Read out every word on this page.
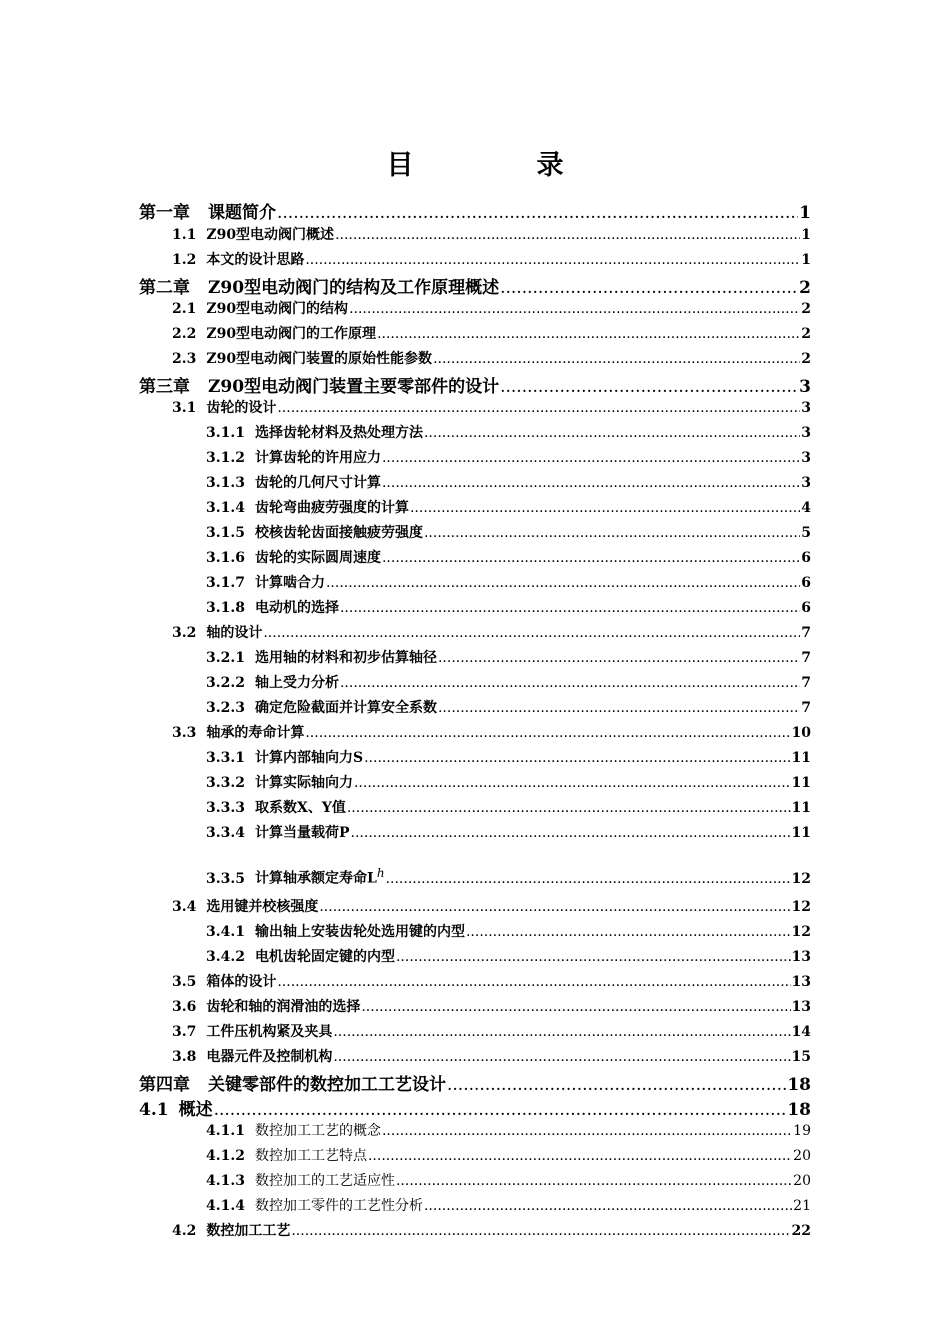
目　录
第一章 课题简介 .....	1
1.1 Z90型电动阀门概述 .....	1
1.2 本文的设计思路 .....	1
第二章 Z90型电动阀门的结构及工作原理概述 .....	2
2.1 Z90型电动阀门的结构 .....	2
2.2 Z90型电动阀门的工作原理 .....	2
2.3 Z90型电动阀门装置的原始性能参数 .....	2
第三章 Z90型电动阀门装置主要零部件的设计 .....	3
3.1 齿轮的设计 .....	3
3.1.1 选择齿轮材料及热处理方法 .....	3
3.1.2 计算齿轮的许用应力 .....	3
3.1.3 齿轮的几何尺寸计算 .....	3
3.1.4 齿轮弯曲疲劳强度的计算 .....	4
3.1.5 校核齿轮齿面接触疲劳强度 .....	5
3.1.6 齿轮的实际圆周速度 .....	6
3.1.7 计算啮合力 .....	6
3.1.8 电动机的选择 .....	6
3.2 轴的设计 .....	7
3.2.1 选用轴的材料和初步估算轴径 .....	7
3.2.2 轴上受力分析 .....	7
3.2.3 确定危险截面并计算安全系数 .....	7
3.3 轴承的寿命计算 .....	10
3.3.1 计算内部轴向力S .....	11
3.3.2 计算实际轴向力 .....	11
3.3.3 取系数X、Y值 .....	11
3.3.4 计算当量载荷P .....	11
3.3.5 计算轴承额定寿命Lh .....	12
3.4 选用键并校核强度 .....	12
3.4.1 输出轴上安装齿轮处选用键的内型 .....	12
3.4.2 电机齿轮固定键的内型 .....	13
3.5 箱体的设计 .....	13
3.6 齿轮和轴的润滑油的选择 .....	13
3.7 工件压机构紧及夹具 .....	14
3.8 电器元件及控制机构 .....	15
第四章 关键零部件的数控加工工艺设计 .....	18
4.1 概述 .....	18
4.1.1 数控加工工艺的概念 .....	19
4.1.2 数控加工工艺特点 .....	20
4.1.3 数控加工的工艺适应性 .....	20
4.1.4 数控加工零件的工艺性分析 .....	21
4.2 数控加工工艺 .....	22
